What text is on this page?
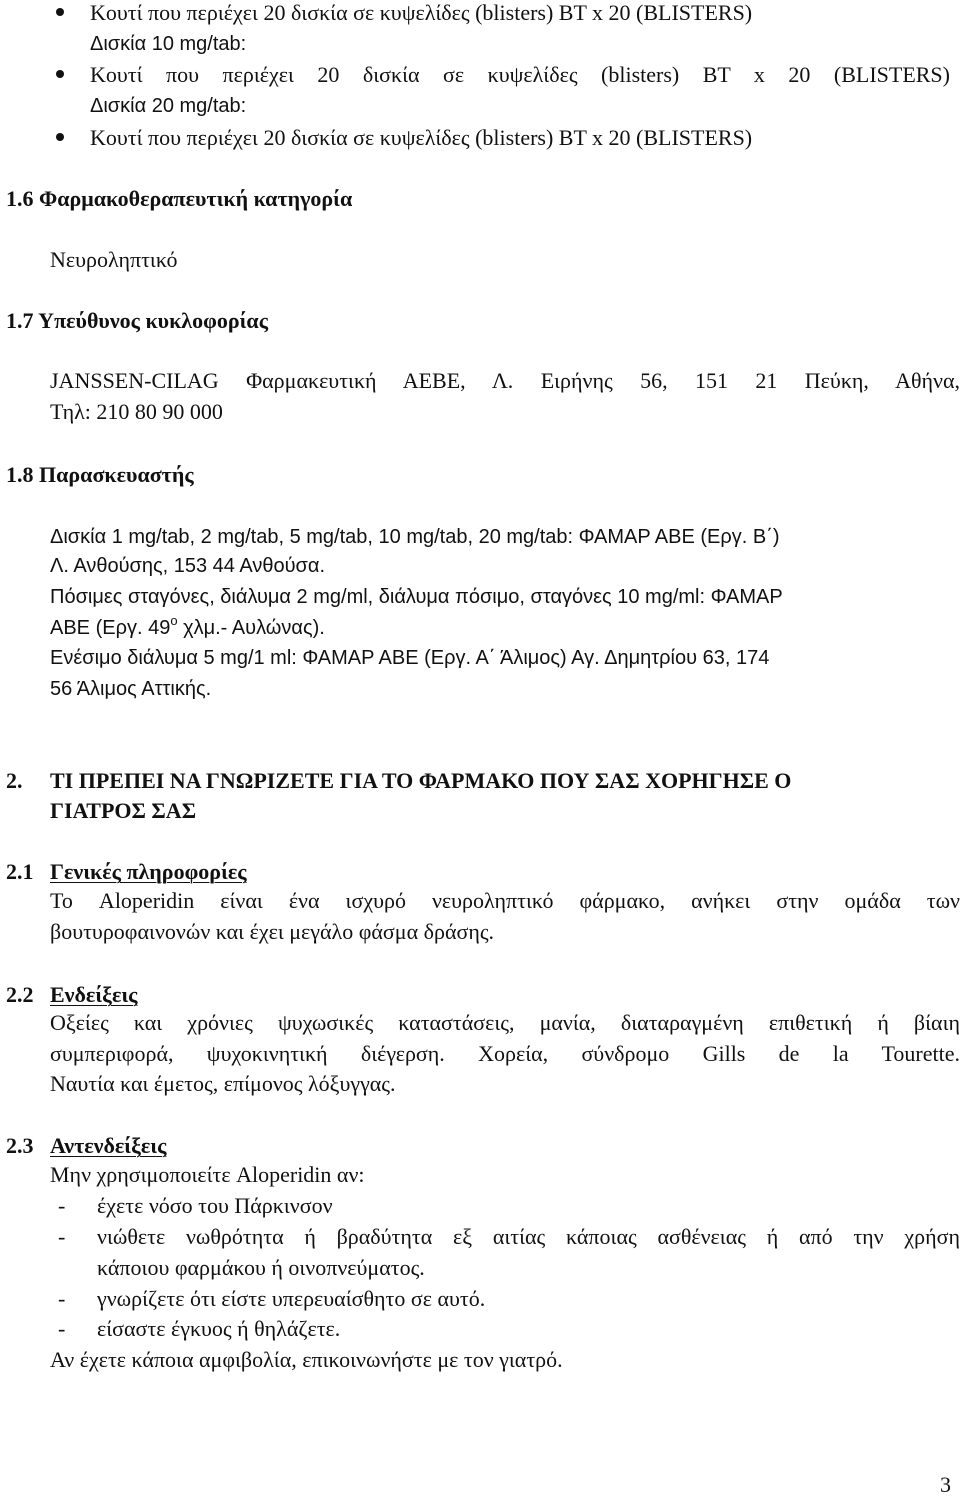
Κουτί που περιέχει 20 δισκία σε κυψελίδες (blisters) BT x 20 (BLISTERS)
Δισκία 10 mg/tab:
Κουτί που περιέχει 20 δισκία σε κυψελίδες (blisters) BT x 20 (BLISTERS)
Δισκία 20 mg/tab:
Κουτί που περιέχει 20 δισκία σε κυψελίδες (blisters) BT x 20 (BLISTERS)
1.6 Φαρμακοθεραπευτική κατηγορία
Νευροληπτικό
1.7 Υπεύθυνος κυκλοφορίας
JANSSEN-CILAG Φαρμακευτική ΑΕΒΕ, Λ. Ειρήνης 56, 151 21 Πεύκη, Αθήνα,
Τηλ: 210 80 90 000
1.8 Παρασκευαστής
Δισκία 1 mg/tab, 2 mg/tab, 5 mg/tab, 10 mg/tab, 20 mg/tab: ΦΑΜΑΡ ΑΒΕ (Εργ. Β΄)
Λ. Ανθούσης, 153 44 Ανθούσα.
Πόσιμες σταγόνες, διάλυμα 2 mg/ml, διάλυμα πόσιμο, σταγόνες 10 mg/ml: ΦΑΜΑΡ
ΑΒΕ (Εργ. $49^o$ χλμ.- Αυλώνας).
Ενέσιμο διάλυμα 5 mg/1 ml: ΦΑΜΑΡ ΑΒΕ (Εργ. Α΄ Άλιμος) Αγ. Δημητρίου 63, 174
56 Άλιμος Αττικής.
2. ΤΙ ΠΡΕΠΕΙ ΝΑ ΓΝΩΡΙΖΕΤΕ ΓΙΑ ΤΟ ΦΑΡΜΑΚΟ ΠΟΥ ΣΑΣ ΧΟΡΗΓΗΣΕ Ο
ΓΙΑΤΡΟΣ ΣΑΣ
2.1 Γενικές πληροφορίες
Το Aloperidin είναι ένα ισχυρό νευροληπτικό φάρμακο, ανήκει στην ομάδα των
βουτυροφαινονών και έχει μεγάλο φάσμα δράσης.
2.2 Ενδείξεις
Οξείες και χρόνιες ψυχωσικές καταστάσεις, μανία, διαταραγμένη επιθετική ή βίαιη
συμπεριφορά, ψυχοκινητική διέγερση. Χορεία, σύνδρομο Gills de la Tourette.
Ναυτία και έμετος, επίμονος λόξυγγας.
2.3 Αντενδείξεις
Μην χρησιμοποιείτε Aloperidin αν:
- έχετε νόσο του Πάρκινσον
- νιώθετε νωθρότητα ή βραδύτητα εξ αιτίας κάποιας ασθένειας ή από την χρήση
κάποιου φαρμάκου ή οινοπνεύματος.
- γνωρίζετε ότι είστε υπερευαίσθητο σε αυτό.
- είσαστε έγκυος ή θηλάζετε.
Αν έχετε κάποια αμφιβολία, επικοινωνήστε με τον γιατρό.
3
